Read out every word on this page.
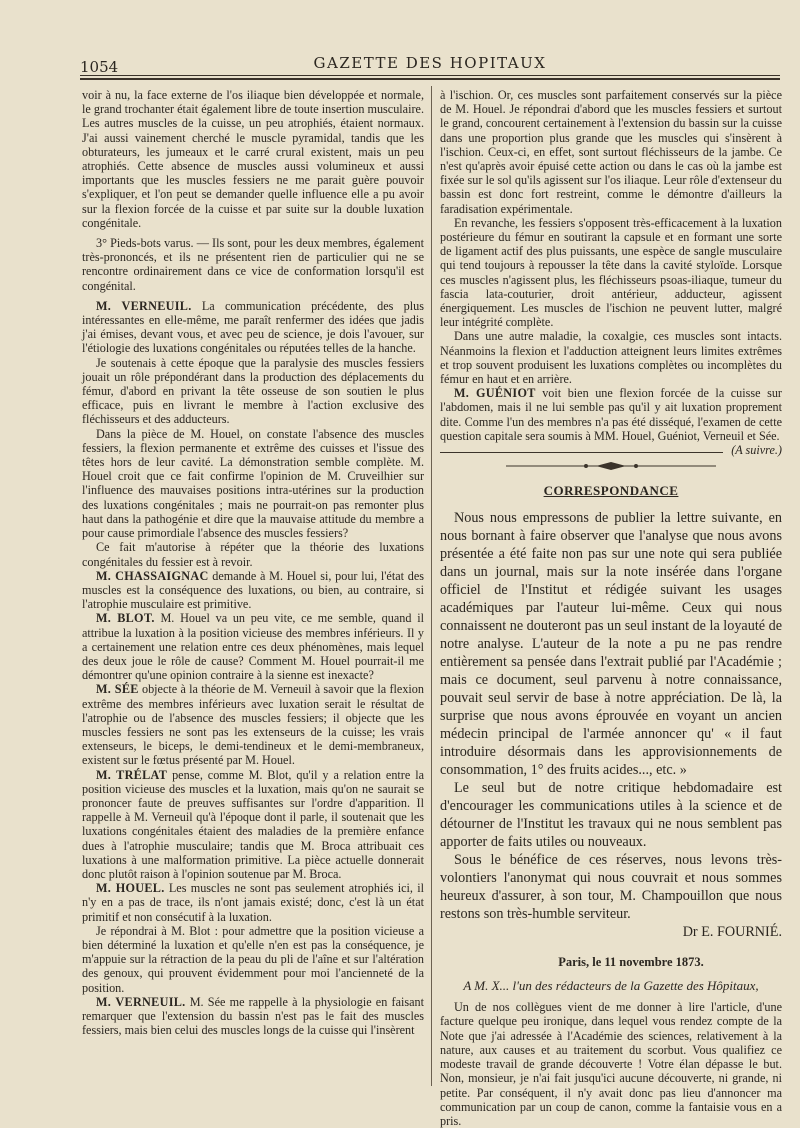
1054	GAZETTE DES HOPITAUX

voir à nu, la face externe de l'os iliaque bien développée et normale, le grand trochanter était également libre de toute insertion musculaire. Les autres muscles de la cuisse, un peu atrophiés, étaient normaux. J'ai aussi vainement cherché le muscle pyramidal, tandis que les obturateurs, les jumeaux et le carré crural existent, mais un peu atrophiés. Cette absence de muscles aussi volumineux et aussi importants que les muscles fessiers ne me parait guère pouvoir s'expliquer, et l'on peut se demander quelle influence elle a pu avoir sur la flexion forcée de la cuisse et par suite sur la double luxation congénitale.

3° Pieds-bots varus. — Ils sont, pour les deux membres, également très-prononcés, et ils ne présentent rien de particulier qui ne se rencontre ordinairement dans ce vice de conformation lorsqu'il est congénital.

M. VERNEUIL. La communication précédente, des plus intéressantes en elle-même, me paraît renfermer des idées que jadis j'ai émises, devant vous, et avec peu de science, je dois l'avouer, sur l'étiologie des luxations congénitales ou réputées telles de la hanche.

Je soutenais à cette époque que la paralysie des muscles fessiers jouait un rôle prépondérant dans la production des déplacements du fémur, d'abord en privant la tête osseuse de son soutien le plus efficace, puis en livrant le membre à l'action exclusive des fléchisseurs et des adducteurs.

Dans la pièce de M. Houel, on constate l'absence des muscles fessiers, la flexion permanente et extrême des cuisses et l'issue des têtes hors de leur cavité. La démonstration semble complète. M. Houel croit que ce fait confirme l'opinion de M. Cruveilhier sur l'influence des mauvaises positions intra-utérines sur la production des luxations congénitales ; mais ne pourrait-on pas remonter plus haut dans la pathogénie et dire que la mauvaise attitude du membre a pour cause primordiale l'absence des muscles fessiers?

Ce fait m'autorise à répéter que la théorie des luxations congénitales du fessier est à revoir.

M. CHASSAIGNAC demande à M. Houel si, pour lui, l'état des muscles est la conséquence des luxations, ou bien, au contraire, si l'atrophie musculaire est primitive.

M. BLOT. M. Houel va un peu vite, ce me semble, quand il attribue la luxation à la position vicieuse des membres inférieurs. Il y a certainement une relation entre ces deux phénomènes, mais lequel des deux joue le rôle de cause? Comment M. Houel pourrait-il me démontrer qu'une opinion contraire à la sienne est inexacte?

M. SÉE objecte à la théorie de M. Verneuil à savoir que la flexion extrême des membres inférieurs avec luxation serait le résultat de l'atrophie ou de l'absence des muscles fessiers; il objecte que les muscles fessiers ne sont pas les extenseurs de la cuisse; les vrais extenseurs, le biceps, le demi-tendineux et le demi-membraneux, existent sur le fœtus présenté par M. Houel.

M. TRÉLAT pense, comme M. Blot, qu'il y a relation entre la position vicieuse des muscles et la luxation, mais qu'on ne saurait se prononcer faute de preuves suffisantes sur l'ordre d'apparition. Il rappelle à M. Verneuil qu'à l'époque dont il parle, il soutenait que les luxations congénitales étaient des maladies de la première enfance dues à l'atrophie musculaire; tandis que M. Broca attribuait ces luxations à une malformation primitive. La pièce actuelle donnerait donc plutôt raison à l'opinion soutenue par M. Broca.

M. HOUEL. Les muscles ne sont pas seulement atrophiés ici, il n'y en a pas de trace, ils n'ont jamais existé; donc, c'est là un état primitif et non consécutif à la luxation.

Je répondrai à M. Blot : pour admettre que la position vicieuse a bien déterminé la luxation et qu'elle n'en est pas la conséquence, je m'appuie sur la rétraction de la peau du pli de l'aîne et sur l'altération des genoux, qui prouvent évidemment pour moi l'ancienneté de la position.

M. VERNEUIL. M. Sée me rappelle à la physiologie en faisant remarquer que l'extension du bassin n'est pas le fait des muscles fessiers, mais bien celui des muscles longs de la cuisse qui l'insèrent

à l'ischion. Or, ces muscles sont parfaitement conservés sur la pièce de M. Houel. Je répondrai d'abord que les muscles fessiers et surtout le grand, concourent certainement à l'extension du bassin sur la cuisse dans une proportion plus grande que les muscles qui s'insèrent à l'ischion. Ceux-ci, en effet, sont surtout fléchisseurs de la jambe. Ce n'est qu'après avoir épuisé cette action ou dans le cas où la jambe est fixée sur le sol qu'ils agissent sur l'os iliaque. Leur rôle d'extenseur du bassin est donc fort restreint, comme le démontre d'ailleurs la faradisation expérimentale.

En revanche, les fessiers s'opposent très-efficacement à la luxation postérieure du fémur en soutirant la capsule et en formant une sorte de ligament actif des plus puissants, une espèce de sangle musculaire qui tend toujours à repousser la tête dans la cavité styloïde. Lorsque ces muscles n'agissent plus, les fléchisseurs psoas-iliaque, tumeur du fascia lata-couturier, droit antérieur, adducteur, agissent énergiquement. Les muscles de l'ischion ne peuvent lutter, malgré leur intégrité complète.

Dans une autre maladie, la coxalgie, ces muscles sont intacts. Néanmoins la flexion et l'adduction atteignent leurs limites extrêmes et trop souvent produisent les luxations complètes ou incomplètes du fémur en haut et en arrière.

M. GUÉNIOT voit bien une flexion forcée de la cuisse sur l'abdomen, mais il ne lui semble pas qu'il y ait luxation proprement dite. Comme l'un des membres n'a pas été disséqué, l'examen de cette question capitale sera soumis à MM. Houel, Guéniot, Verneuil et Sée.

(A suivre.)
CORRESPONDANCE

Nous nous empressons de publier la lettre suivante, en nous bornant à faire observer que l'analyse que nous avons présentée a été faite non pas sur une note qui sera publiée dans un journal, mais sur la note insérée dans l'organe officiel de l'Institut et rédigée suivant les usages académiques par l'auteur lui-même. Ceux qui nous connaissent ne douteront pas un seul instant de la loyauté de notre analyse. L'auteur de la note a pu ne pas rendre entièrement sa pensée dans l'extrait publié par l'Académie ; mais ce document, seul parvenu à notre connaissance, pouvait seul servir de base à notre appréciation. De là, la surprise que nous avons éprouvée en voyant un ancien médecin principal de l'armée annoncer qu' « il faut introduire désormais dans les approvisionnements de consommation, 1° des fruits acides..., etc. »

Le seul but de notre critique hebdomadaire est d'encourager les communications utiles à la science et de détourner de l'Institut les travaux qui ne nous semblent pas apporter de faits utiles ou nouveaux.

Sous le bénéfice de ces réserves, nous levons très-volontiers l'anonymat qui nous couvrait et nous sommes heureux d'assurer, à son tour, M. Champouillon que nous restons son très-humble serviteur.

Dr E. FOURNIÉ.

Paris, le 11 novembre 1873.
A M. X... l'un des rédacteurs de la Gazette des Hôpitaux,

Un de nos collègues vient de me donner à lire l'article, d'une facture quelque peu ironique, dans lequel vous rendez compte de la Note que j'ai adressée à l'Académie des sciences, relativement à la nature, aux causes et au traitement du scorbut. Vous qualifiez ce modeste travail de grande découverte ! Votre élan dépasse le but. Non, monsieur, je n'ai fait jusqu'ici aucune découverte, ni grande, ni petite. Par conséquent, il n'y avait donc pas lieu d'annoncer ma communication par un coup de canon, comme la fantaisie vous en a pris.
